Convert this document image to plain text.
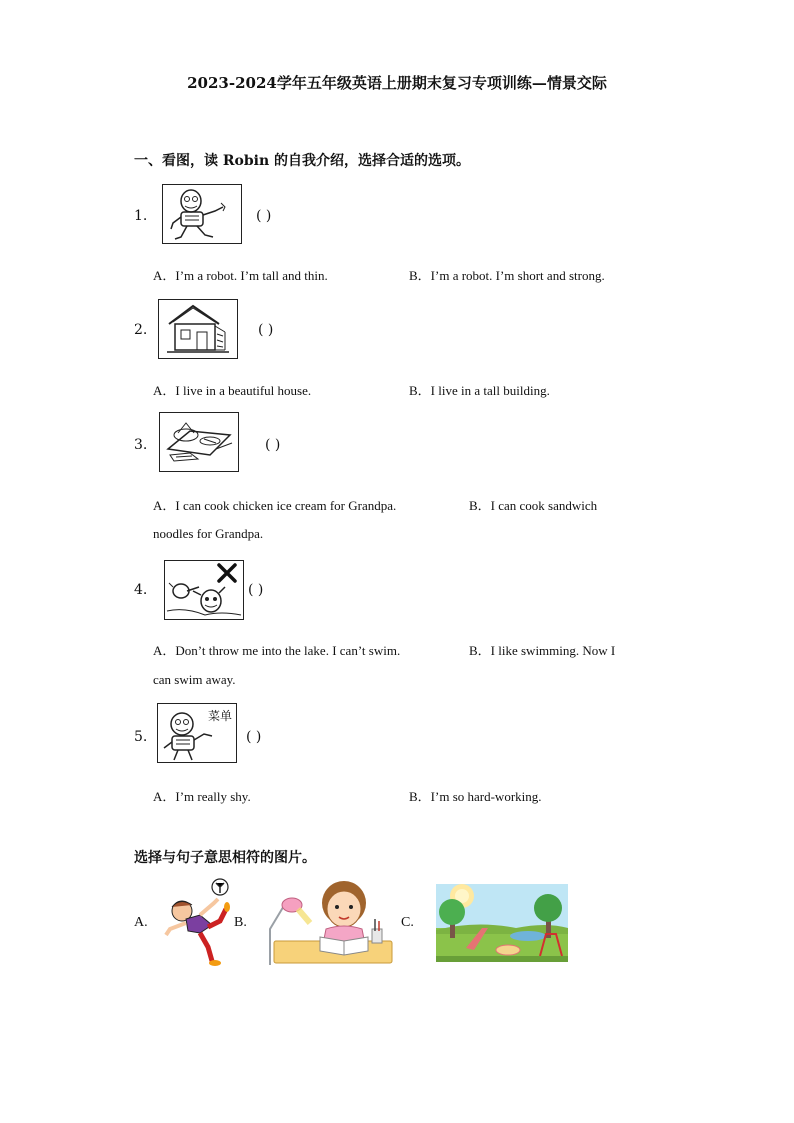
2023-2024学年五年级英语上册期末复习专项训练—情景交际
一、看图，读 Robin 的自我介绍，选择合适的选项。
1.	( )
A．I’m a robot. I’m tall and thin.	B．I’m a robot. I’m short and strong.
2.	( )
A．I live in a beautiful house.	B．I live in a tall building.
3.	( )
A．I can cook chicken ice cream for Grandpa.	B．I can cook sandwich
noodles for Grandpa.
4.	( )
A．Don’t throw me into the lake. I can’t swim.	B．I like swimming. Now I
can swim away.
5.
菜单
( )
A．I’m really shy.	B．I’m so hard-working.
选择与句子意思相符的图片。
A.	B.	C.
